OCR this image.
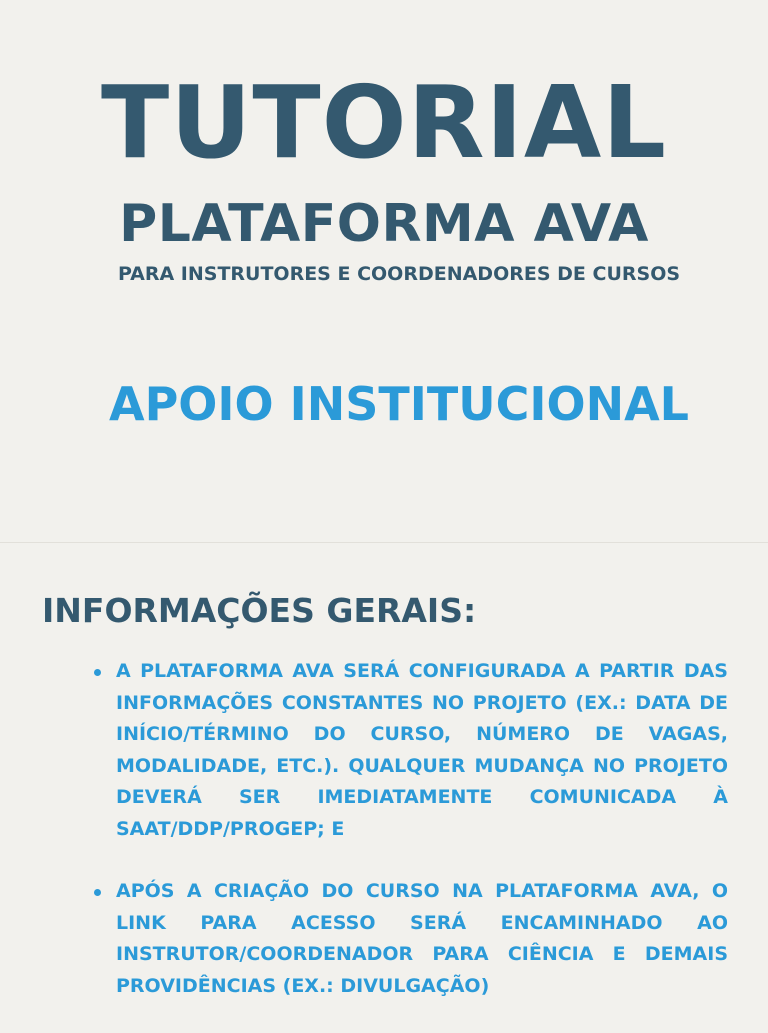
TUTORIAL
PLATAFORMA AVA

PARA INSTRUTORES E COORDENADORES DE CURSOS

APOIO INSTITUCIONAL

INFORMAÇÕES GERAIS:
A PLATAFORMA AVA SERÁ CONFIGURADA A PARTIR DAS INFORMAÇÕES CONSTANTES NO PROJETO (EX.: DATA DE INÍCIO/TÉRMINO DO CURSO, NÚMERO DE VAGAS, MODALIDADE, ETC.). QUALQUER MUDANÇA NO PROJETO DEVERÁ SER IMEDIATAMENTE COMUNICADA À SAAT/DDP/PROGEP; E
APÓS A CRIAÇÃO DO CURSO NA PLATAFORMA AVA, O LINK PARA ACESSO SERÁ ENCAMINHADO AO INSTRUTOR/COORDENADOR PARA CIÊNCIA E DEMAIS PROVIDÊNCIAS (EX.: DIVULGAÇÃO)
